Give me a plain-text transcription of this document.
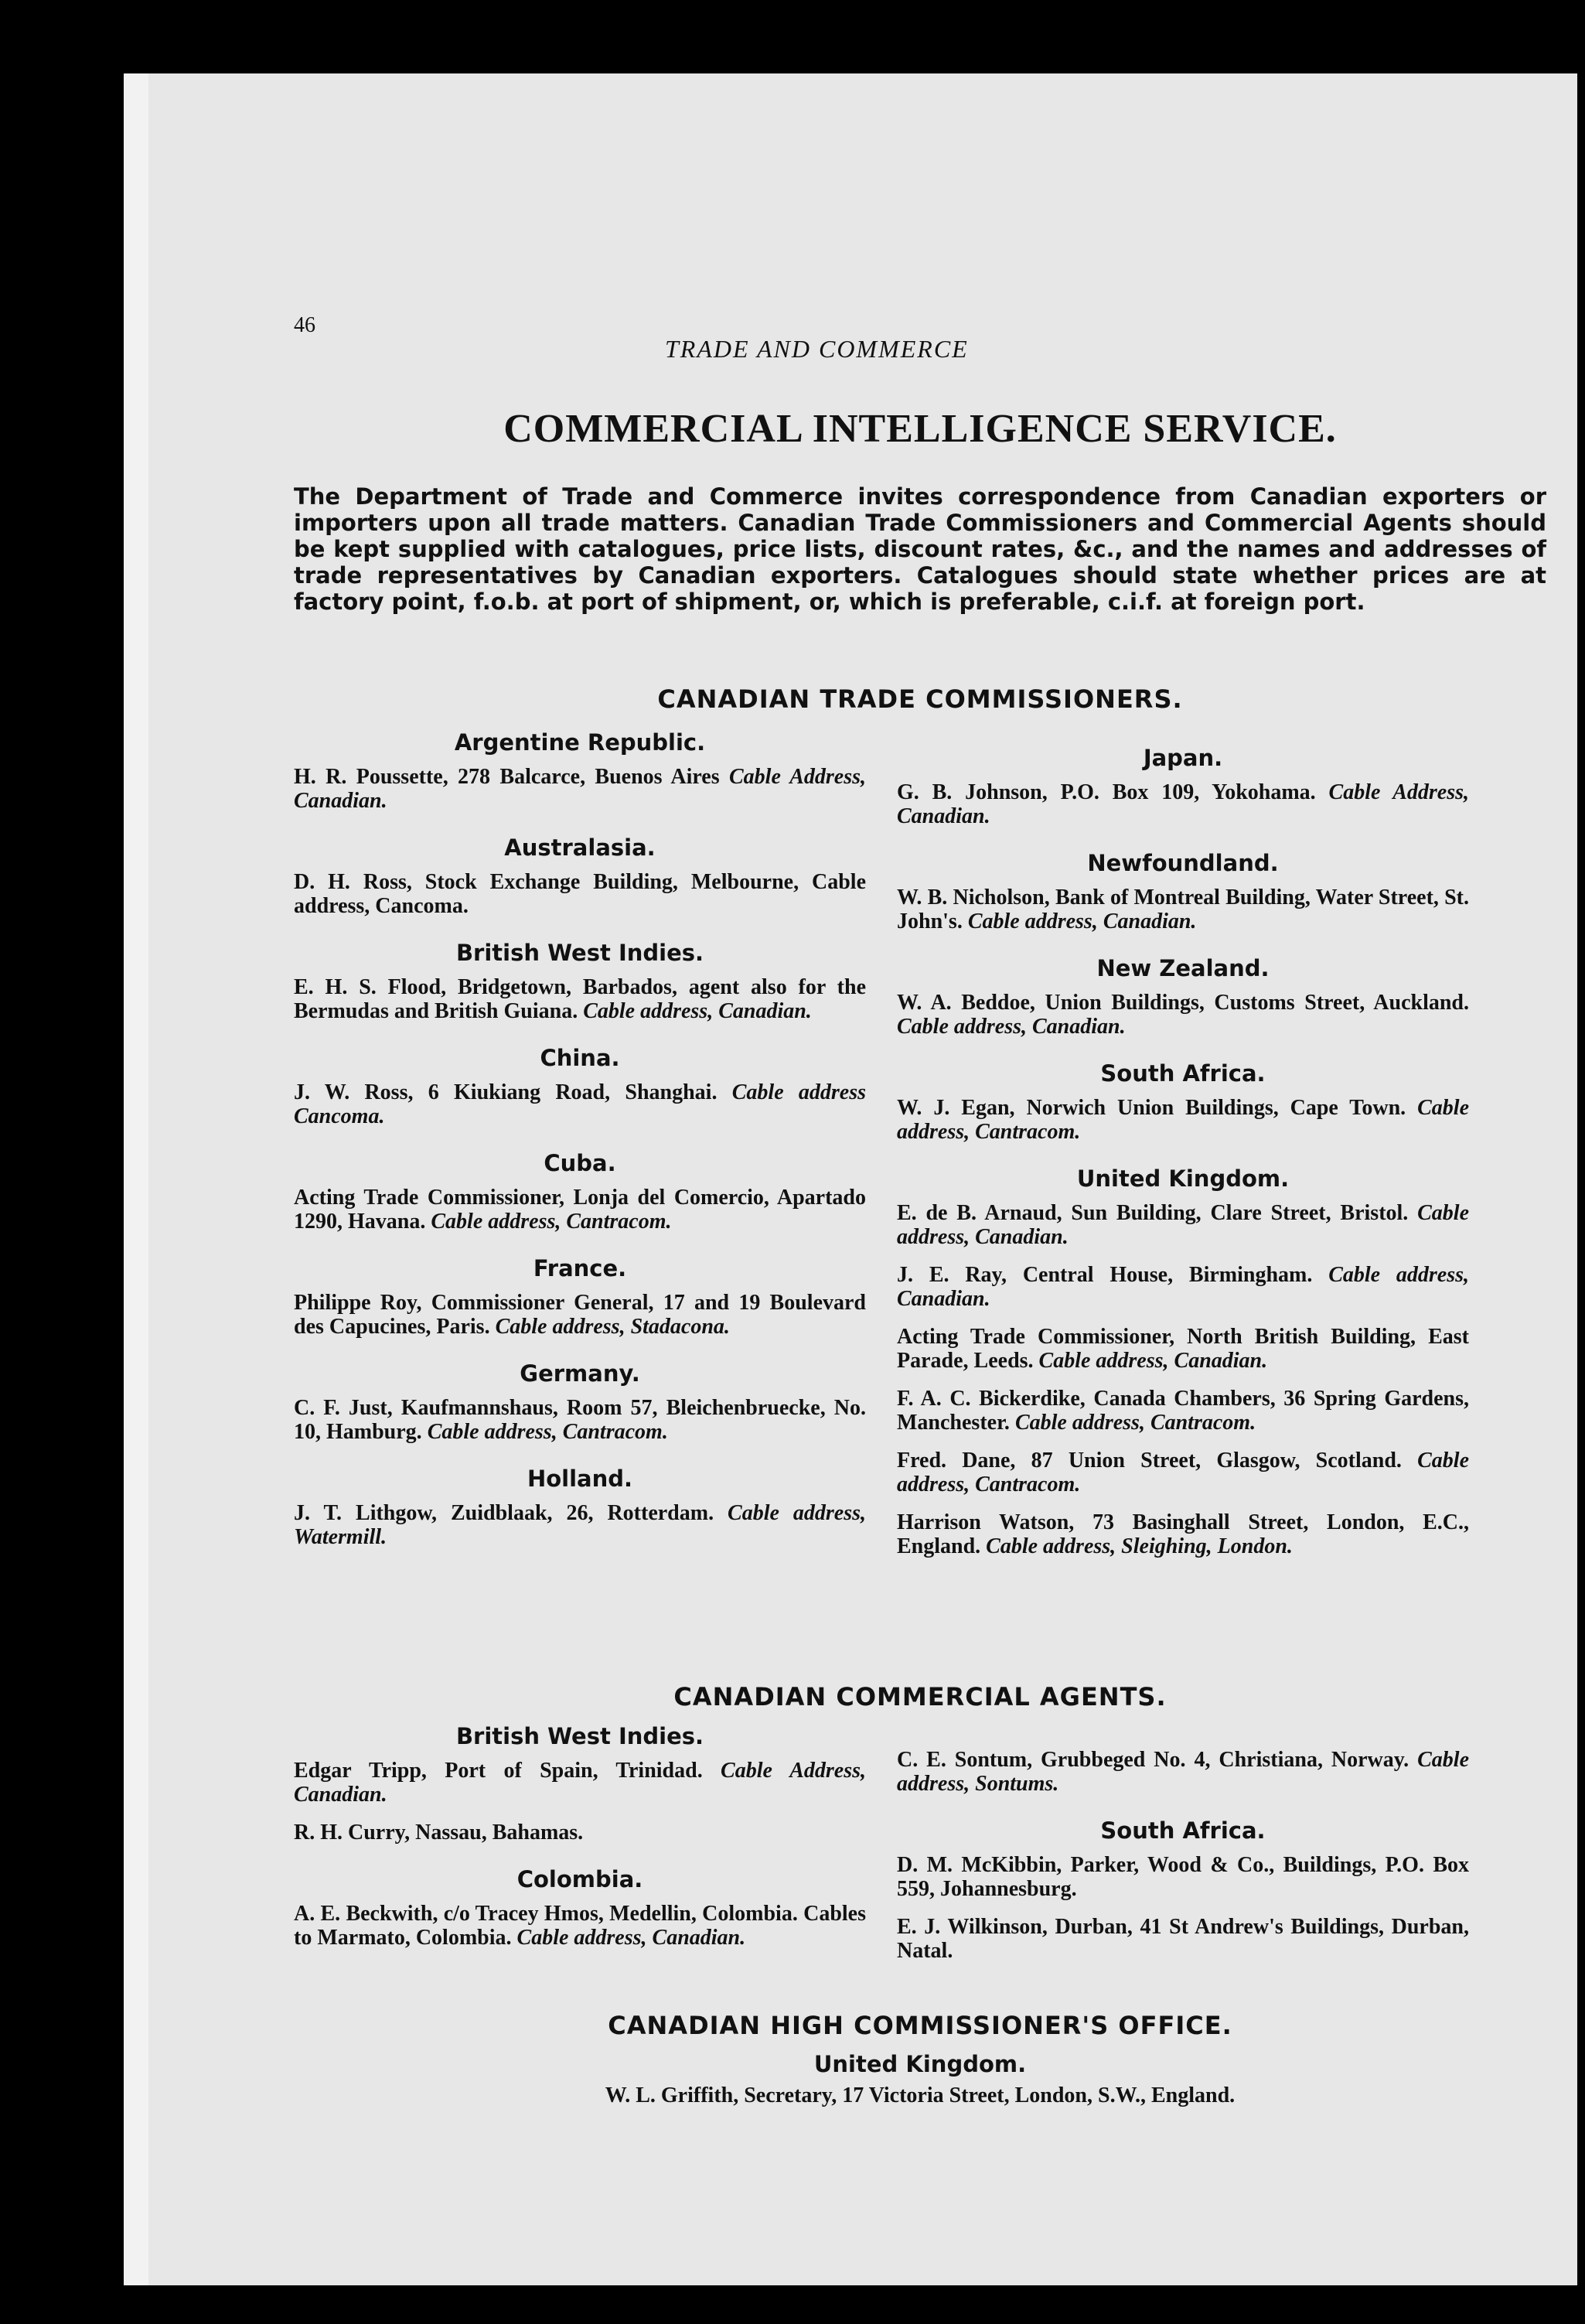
46
TRADE AND COMMERCE
COMMERCIAL INTELLIGENCE SERVICE.
The Department of Trade and Commerce invites correspondence from Canadian exporters or importers upon all trade matters. Canadian Trade Commissioners and Commercial Agents should be kept supplied with catalogues, price lists, discount rates, &c., and the names and addresses of trade representatives by Canadian exporters. Catalogues should state whether prices are at factory point, f.o.b. at port of shipment, or, which is preferable, c.i.f. at foreign port.
CANADIAN TRADE COMMISSIONERS.
Argentine Republic.
H. R. Poussette, 278 Balcarce, Buenos Aires Cable Address, Canadian.
Australasia.
D. H. Ross, Stock Exchange Building, Melbourne, Cable address, Cancoma.
British West Indies.
E. H. S. Flood, Bridgetown, Barbados, agent also for the Bermudas and British Guiana. Cable address, Canadian.
China.
J. W. Ross, 6 Kiukiang Road, Shanghai. Cable address Cancoma.
Cuba.
Acting Trade Commissioner, Lonja del Comercio, Apartado 1290, Havana. Cable address, Cantracom.
France.
Philippe Roy, Commissioner General, 17 and 19 Boulevard des Capucines, Paris. Cable address, Stadacona.
Germany.
C. F. Just, Kaufmannshaus, Room 57, Bleichenbruecke, No. 10, Hamburg. Cable address, Cantracom.
Holland.
J. T. Lithgow, Zuidblaak, 26, Rotterdam. Cable address, Watermill.
Japan.
G. B. Johnson, P.O. Box 109, Yokohama. Cable Address, Canadian.
Newfoundland.
W. B. Nicholson, Bank of Montreal Building, Water Street, St. John's. Cable address, Canadian.
New Zealand.
W. A. Beddoe, Union Buildings, Customs Street, Auckland. Cable address, Canadian.
South Africa.
W. J. Egan, Norwich Union Buildings, Cape Town. Cable address, Cantracom.
United Kingdom.
E. de B. Arnaud, Sun Building, Clare Street, Bristol. Cable address, Canadian.
J. E. Ray, Central House, Birmingham. Cable address, Canadian.
Acting Trade Commissioner, North British Building, East Parade, Leeds. Cable address, Canadian.
F. A. C. Bickerdike, Canada Chambers, 36 Spring Gardens, Manchester. Cable address, Cantracom.
Fred. Dane, 87 Union Street, Glasgow, Scotland. Cable address, Cantracom.
Harrison Watson, 73 Basinghall Street, London, E.C., England. Cable address, Sleighing, London.
CANADIAN COMMERCIAL AGENTS.
British West Indies.
Edgar Tripp, Port of Spain, Trinidad. Cable Address, Canadian.
R. H. Curry, Nassau, Bahamas.
Colombia.
A. E. Beckwith, c/o Tracey Hmos, Medellin, Colombia. Cables to Marmato, Colombia. Cable address, Canadian.
C. E. Sontum, Grubbeged No. 4, Christiana, Norway. Cable address, Sontums.
South Africa.
D. M. McKibbin, Parker, Wood & Co., Buildings, P.O. Box 559, Johannesburg.
E. J. Wilkinson, Durban, 41 St Andrew's Buildings, Durban, Natal.
CANADIAN HIGH COMMISSIONER'S OFFICE.
United Kingdom.
W. L. Griffith, Secretary, 17 Victoria Street, London, S.W., England.
